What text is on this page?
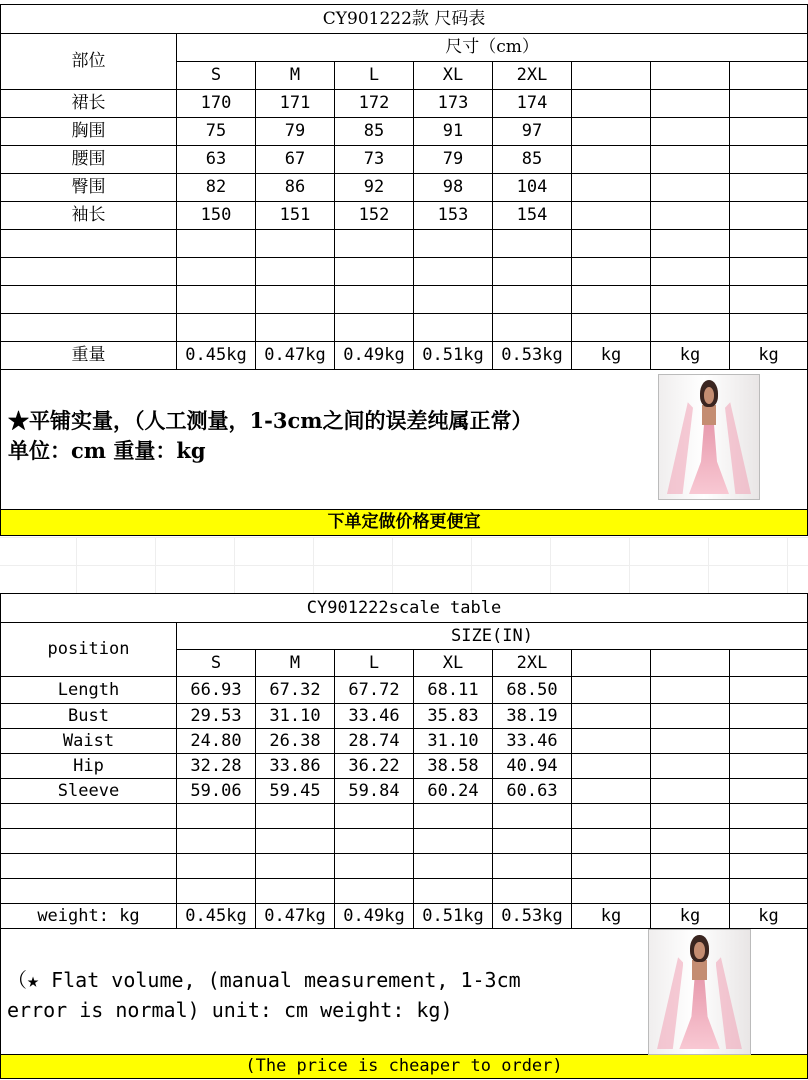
CY901222款 尺码表								
部位	尺寸（cm）							
	S	M	L	XL	2XL			
裙长	170	171	172	173	174			
胸围	75	79	85	91	97			
腰围	63	67	73	79	85			
臀围	82	86	92	98	104			
袖长	150	151	152	153	154			

重量	0.45kg	0.47kg	0.49kg	0.51kg	0.53kg	kg	kg	kg

★平铺实量，（人工测量，1-3cm之间的误差纯属正常）
单位：cm 重量：kg								

下单定做价格更便宜								
CY901222scale table								
position	SIZE(IN)							
	S	M	L	XL	2XL			
Length	66.93	67.32	67.72	68.11	68.50			
Bust	29.53	31.10	33.46	35.83	38.19			
Waist	24.80	26.38	28.74	31.10	33.46			
Hip	32.28	33.86	36.22	38.58	40.94			
Sleeve	59.06	59.45	59.84	60.24	60.63			

weight: kg	0.45kg	0.47kg	0.49kg	0.51kg	0.53kg	kg	kg	kg

（★ Flat volume, (manual measurement, 1-3cm
error is normal) unit: cm weight: kg)								

(The price is cheaper to order)								
